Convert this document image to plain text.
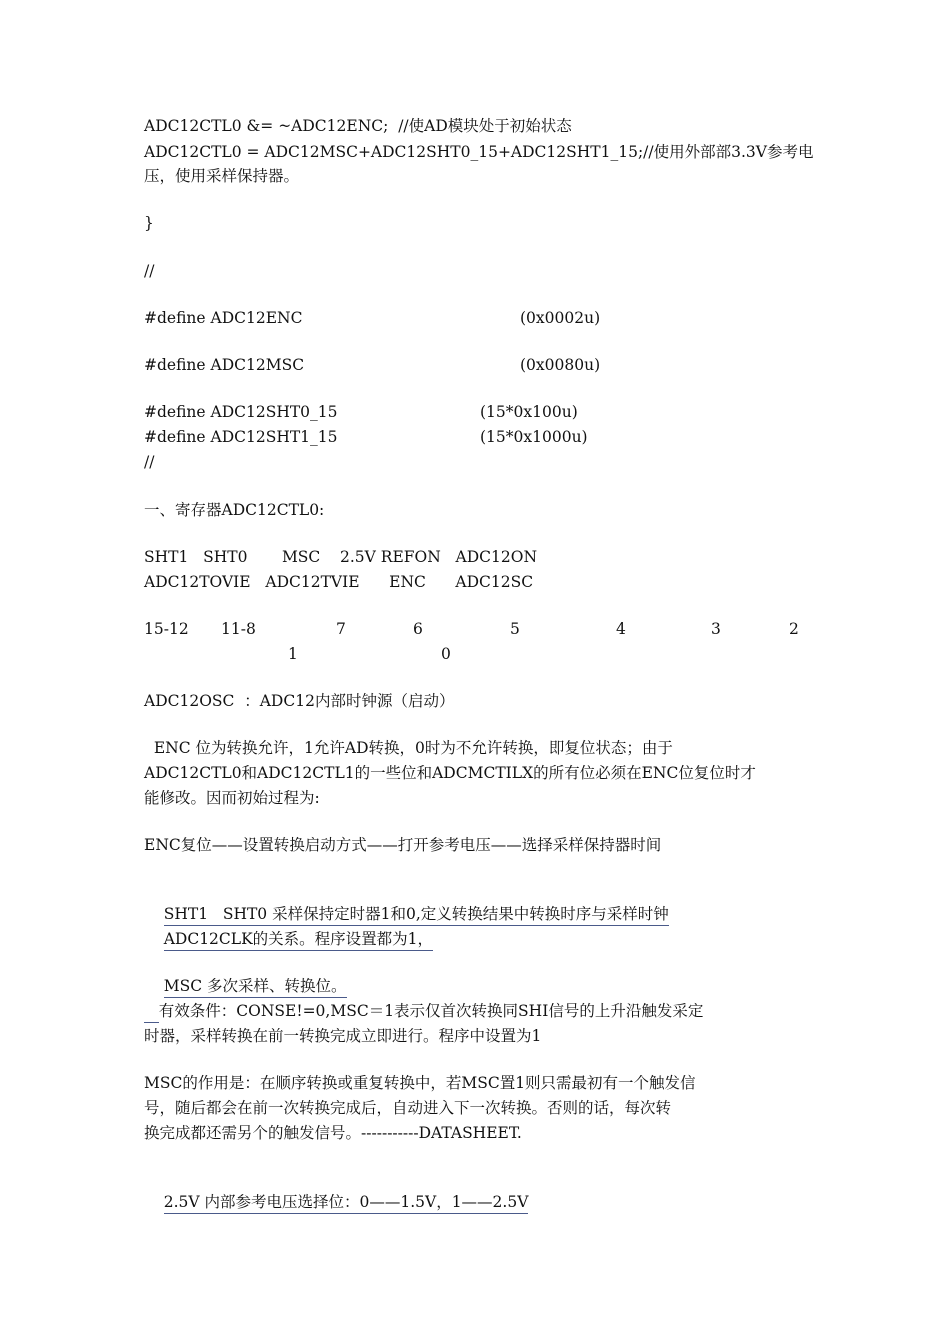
ADC12CTL0 &= ~ADC12ENC;  //使AD模块处于初始状态
ADC12CTL0 = ADC12MSC+ADC12SHT0_15+ADC12SHT1_15;//使用外部部3.3V参考电
压，使用采样保持器。
}
//
#define ADC12ENC	(0x0002u)
#define ADC12MSC	(0x0080u)
#define ADC12SHT0_15	(15*0x100u)
#define ADC12SHT1_15	(15*0x1000u)
//
一、寄存器ADC12CTL0:
SHT1   SHT0       MSC    2.5V REFON   ADC12ON
ADC12TOVIE   ADC12TVIE      ENC      ADC12SC
15-12 11-8	7	6	5	4	3	2
1	0
ADC12OSC  ：ADC12内部时钟源（启动）
ENC 位为转换允许，1允许AD转换，0时为不允许转换，即复位状态；由于
ADC12CTL0和ADC12CTL1的一些位和ADCMCTILX的所有位必须在ENC位复位时才
能修改。因而初始过程为:
ENC复位——设置转换启动方式——打开参考电压——选择采样保持器时间

SHT1   SHT0 采样保持定时器1和0,定义转换结果中转换时序与采样时钟

ADC12CLK的关系。程序设置都为1，

MSC 多次采样、转换位。

有效条件：CONSE!=0,MSC＝1表示仅首次转换同SHI信号的上升沿触发采定
时器，采样转换在前一转换完成立即进行。程序中设置为1
MSC的作用是：在顺序转换或重复转换中，若MSC置1则只需最初有一个触发信
号，随后都会在前一次转换完成后，自动进入下一次转换。否则的话，每次转
换完成都还需另个的触发信号。-----------DATASHEET.

2.5V 内部参考电压选择位：0——1.5V，1——2.5V
